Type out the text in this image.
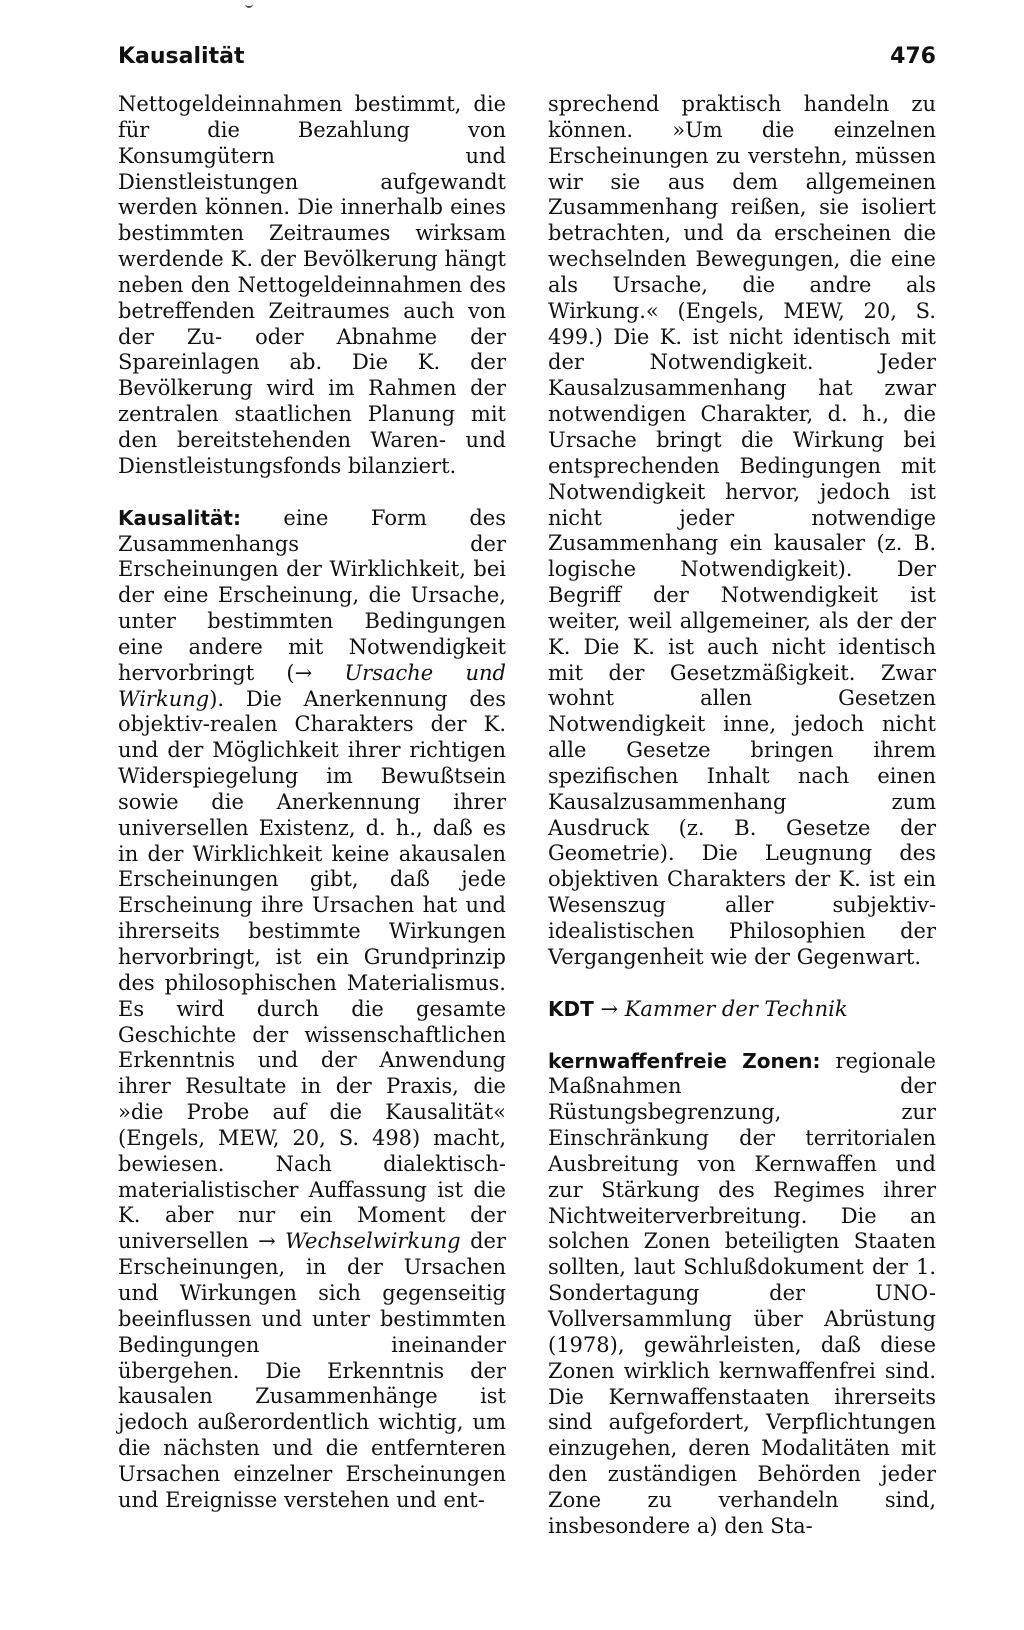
Kausalität	476

Nettogeldeinnahmen bestimmt, die für die Bezahlung von Konsumgütern und Dienstleistungen aufgewandt werden können. Die innerhalb eines bestimmten Zeitraumes wirksam werdende K. der Bevölkerung hängt neben den Nettogeldeinnahmen des betreffenden Zeitraumes auch von der Zu- oder Abnahme der Spareinlagen ab. Die K. der Bevölkerung wird im Rahmen der zentralen staatlichen Planung mit den bereitstehenden Waren- und Dienstleistungsfonds bilanziert.

Kausalität: eine Form des Zusammenhangs der Erscheinungen der Wirklichkeit, bei der eine Erscheinung, die Ursache, unter bestimmten Bedingungen eine andere mit Notwendigkeit hervorbringt (→ Ursache und Wirkung). Die Anerkennung des objektiv-realen Charakters der K. und der Möglichkeit ihrer richtigen Widerspiegelung im Bewußtsein sowie die Anerkennung ihrer universellen Existenz, d. h., daß es in der Wirklichkeit keine akausalen Erscheinungen gibt, daß jede Erscheinung ihre Ursachen hat und ihrerseits bestimmte Wirkungen hervorbringt, ist ein Grundprinzip des philosophischen Materialismus. Es wird durch die gesamte Geschichte der wissenschaftlichen Erkenntnis und der Anwendung ihrer Resultate in der Praxis, die »die Probe auf die Kausalität« (Engels, MEW, 20, S. 498) macht, bewiesen. Nach dialektisch-materialistischer Auffassung ist die K. aber nur ein Moment der universellen → Wechselwirkung der Erscheinungen, in der Ursachen und Wirkungen sich gegenseitig beeinflussen und unter bestimmten Bedingungen ineinander übergehen. Die Erkenntnis der kausalen Zusammenhänge ist jedoch außerordentlich wichtig, um die nächsten und die entfernteren Ursachen einzelner Erscheinungen und Ereignisse verstehen und ent-

sprechend praktisch handeln zu können. »Um die einzelnen Erscheinungen zu verstehn, müssen wir sie aus dem allgemeinen Zusammenhang reißen, sie isoliert betrachten, und da erscheinen die wechselnden Bewegungen, die eine als Ursache, die andre als Wirkung.« (Engels, MEW, 20, S. 499.) Die K. ist nicht identisch mit der Notwendigkeit. Jeder Kausalzusammenhang hat zwar notwendigen Charakter, d. h., die Ursache bringt die Wirkung bei entsprechenden Bedingungen mit Notwendigkeit hervor, jedoch ist nicht jeder notwendige Zusammenhang ein kausaler (z. B. logische Notwendigkeit). Der Begriff der Notwendigkeit ist weiter, weil allgemeiner, als der der K. Die K. ist auch nicht identisch mit der Gesetzmäßigkeit. Zwar wohnt allen Gesetzen Notwendigkeit inne, jedoch nicht alle Gesetze bringen ihrem spezifischen Inhalt nach einen Kausalzusammenhang zum Ausdruck (z. B. Gesetze der Geometrie). Die Leugnung des objektiven Charakters der K. ist ein Wesenszug aller subjektiv-idealistischen Philosophien der Vergangenheit wie der Gegenwart.

KDT → Kammer der Technik

kernwaffenfreie Zonen: regionale Maßnahmen der Rüstungsbegrenzung, zur Einschränkung der territorialen Ausbreitung von Kernwaffen und zur Stärkung des Regimes ihrer Nichtweiterverbreitung. Die an solchen Zonen beteiligten Staaten sollten, laut Schlußdokument der 1. Sondertagung der UNO-Vollversammlung über Abrüstung (1978), gewährleisten, daß diese Zonen wirklich kernwaffenfrei sind. Die Kernwaffenstaaten ihrerseits sind aufgefordert, Verpflichtungen einzugehen, deren Modalitäten mit den zuständigen Behörden jeder Zone zu verhandeln sind, insbesondere a) den Sta-
